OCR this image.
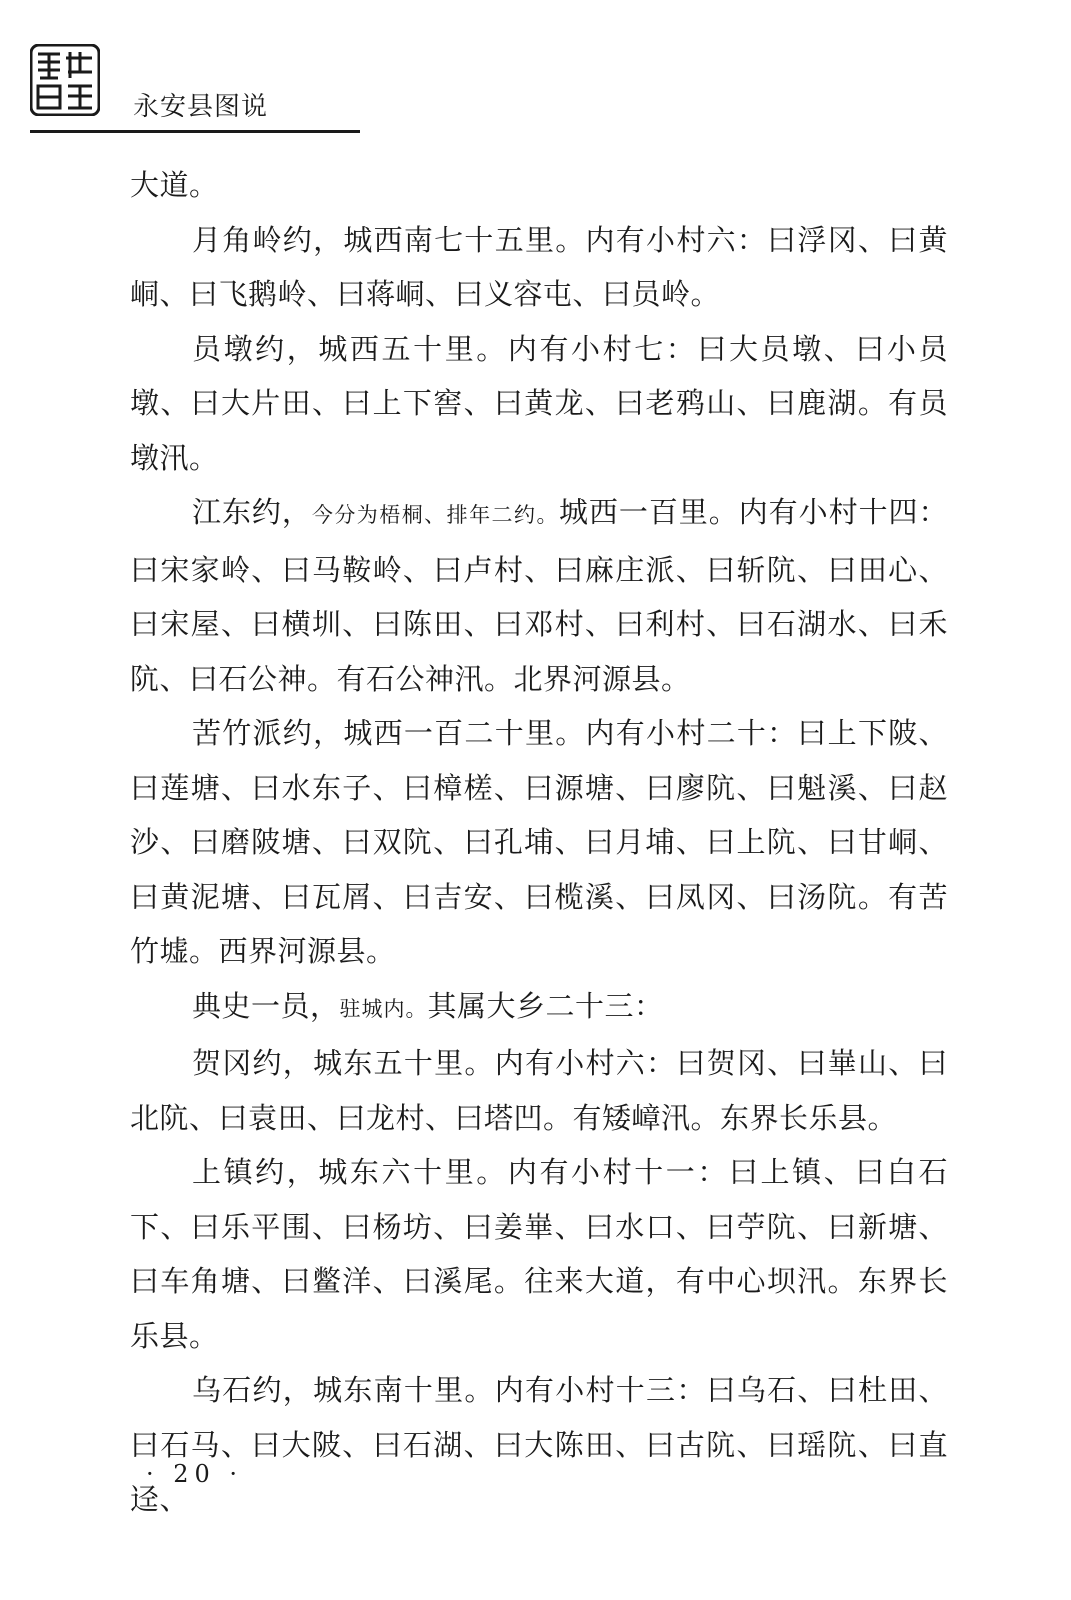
永安县图说

大道。

月角岭约，城西南七十五里。内有小村六：曰浮冈、曰黄峒、曰飞鹅岭、曰蒋峒、曰义容屯、曰员岭。

员墩约，城西五十里。内有小村七：曰大员墩、曰小员墩、曰大片田、曰上下窖、曰黄龙、曰老鸦山、曰鹿湖。有员墩汛。

江东约，今分为梧桐、排年二约。城西一百里。内有小村十四：曰宋家岭、曰马鞍岭、曰卢村、曰麻庄派、曰斩阬、曰田心、曰宋屋、曰横圳、曰陈田、曰邓村、曰利村、曰石湖水、曰禾阬、曰石公神。有石公神汛。北界河源县。

苦竹派约，城西一百二十里。内有小村二十：曰上下陂、曰莲塘、曰水东子、曰樟槎、曰源塘、曰廖阬、曰魁溪、曰赵沙、曰磨陂塘、曰双阬、曰孔埔、曰月埔、曰上阬、曰甘峒、曰黄泥塘、曰瓦屑、曰吉安、曰榄溪、曰凤冈、曰汤阬。有苦竹墟。西界河源县。

典史一员，驻城内。其属大乡二十三：

贺冈约，城东五十里。内有小村六：曰贺冈、曰崋山、曰北阬、曰袁田、曰龙村、曰塔凹。有矮嶂汛。东界长乐县。

上镇约，城东六十里。内有小村十一：曰上镇、曰白石下、曰乐平围、曰杨坊、曰姜崋、曰水口、曰苧阬、曰新塘、曰车角塘、曰鳖洋、曰溪尾。往来大道，有中心坝汛。东界长乐县。

乌石约，城东南十里。内有小村十三：曰乌石、曰杜田、曰石马、曰大陂、曰石湖、曰大陈田、曰古阬、曰瑶阬、曰直迳、

· 20 ·
